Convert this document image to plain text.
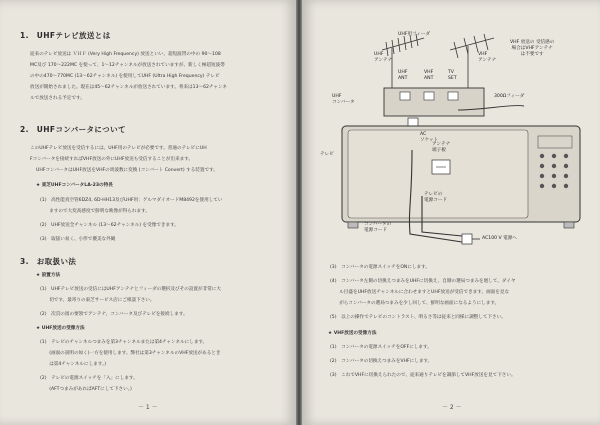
1.　UHFテレビ放送とは
従来のテレビ放送は ＶＨＦ (Very High Frequency) 放送といい、超短波帯の中の 90～108
MC及び 170～222MC を使って、1～12チャンネルが放送されていますが、新しく極超短波帯
の中の470～770MC (13～62チャンネル) を使用してUHF (Ultra High Frequency) テレビ
放送が開始されました。現在は45～62チャンネルが放送されています。将来は13～62チャンネ
ルで放送される予定です。
2.　UHFコンバータについて
このUHFテレビ放送を受信するには、UHF用のテレビが必要です。普通のテレビにUH
Fコンバータを接続すればVHF放送の外にUHF放送も受信することが出来ます。
UHFコンバータはUHF放送をVHFの周波数に変換 (コンバート Convert) する装置です。
★ 東芝UHFコンバータLA-23の特長
(1)　高性能真空管6DZ4, 6D-HH13及びUHF用：ゲルマダイオードM8492を使用してい
　　ますので大変高感度で鮮明な映像が得られます。
(2)　UHF放送全チャンネル (13～62チャンネル) を受像できます。
(3)　取扱い易く、小形で優美な外観
3.　お取扱い法
★ 設置方法
(1)　UHFテレビ放送の受信にはUHFアンテナとフィーダの選択及びその設置が非常に大
　　切です。最寄りの東芝サービス店にご相談下さい。
(2)　次頁の図の要領でアンテナ、コンバータ及びテレビを接続します。
★ UHF放送の受像方法
(1)　テレビのチャンネルつまみを第3チャンネルまたは第4チャンネルにします。
　　(画面の説明の如く)一方を使用します。弊社は第3チャンネルのVHF放送があるとき
　　は第4チャンネルにします。)
(2)　テレビの電源スイッチを「入」にします。
　　(AFTつまみがあればAFTにして下さい。)
－ 1 －
UHF用フィーダ
UHF
アンテナ
VHF
アンテナ
VHF 放送の 受信感の
場合はVHFアンテナ
は不要です
UHF
ANT
VHF
ANT
TV
SET
UHF
コンバータ
300Ωフィーダ
AC
ソケット
アンテナ
端子板
テレビ
テレビの
電源コード
コンバータの
電源コード
AC100 V 電源へ
(3)　コンバータの電源スイッチをONにします。
(4)　コンバータ左側の切換えつまみをUHFに切換え、自側の選局つまみを廻して、ダイヤ
　　ル目盛をUHF放送チャンネルに合わせますとUHF放送が受信できます。画面を見な
　　がらコンバータの選局つまみを少し回して、鮮明な画面になるようにします。
(5)　以上の操作でテレビのコントラスト、明るさ等は従来と同様に調整して下さい。
★ VHF放送の受像方法
(1)　コンバータの電源スイッチをOFFにします。
(2)　コンバータの切換えつまみをVHFにします。
(3)　これでVHFに切換えられたので、従来通りテレビを調節してVHF放送を見て下さい。
－ 2 －
